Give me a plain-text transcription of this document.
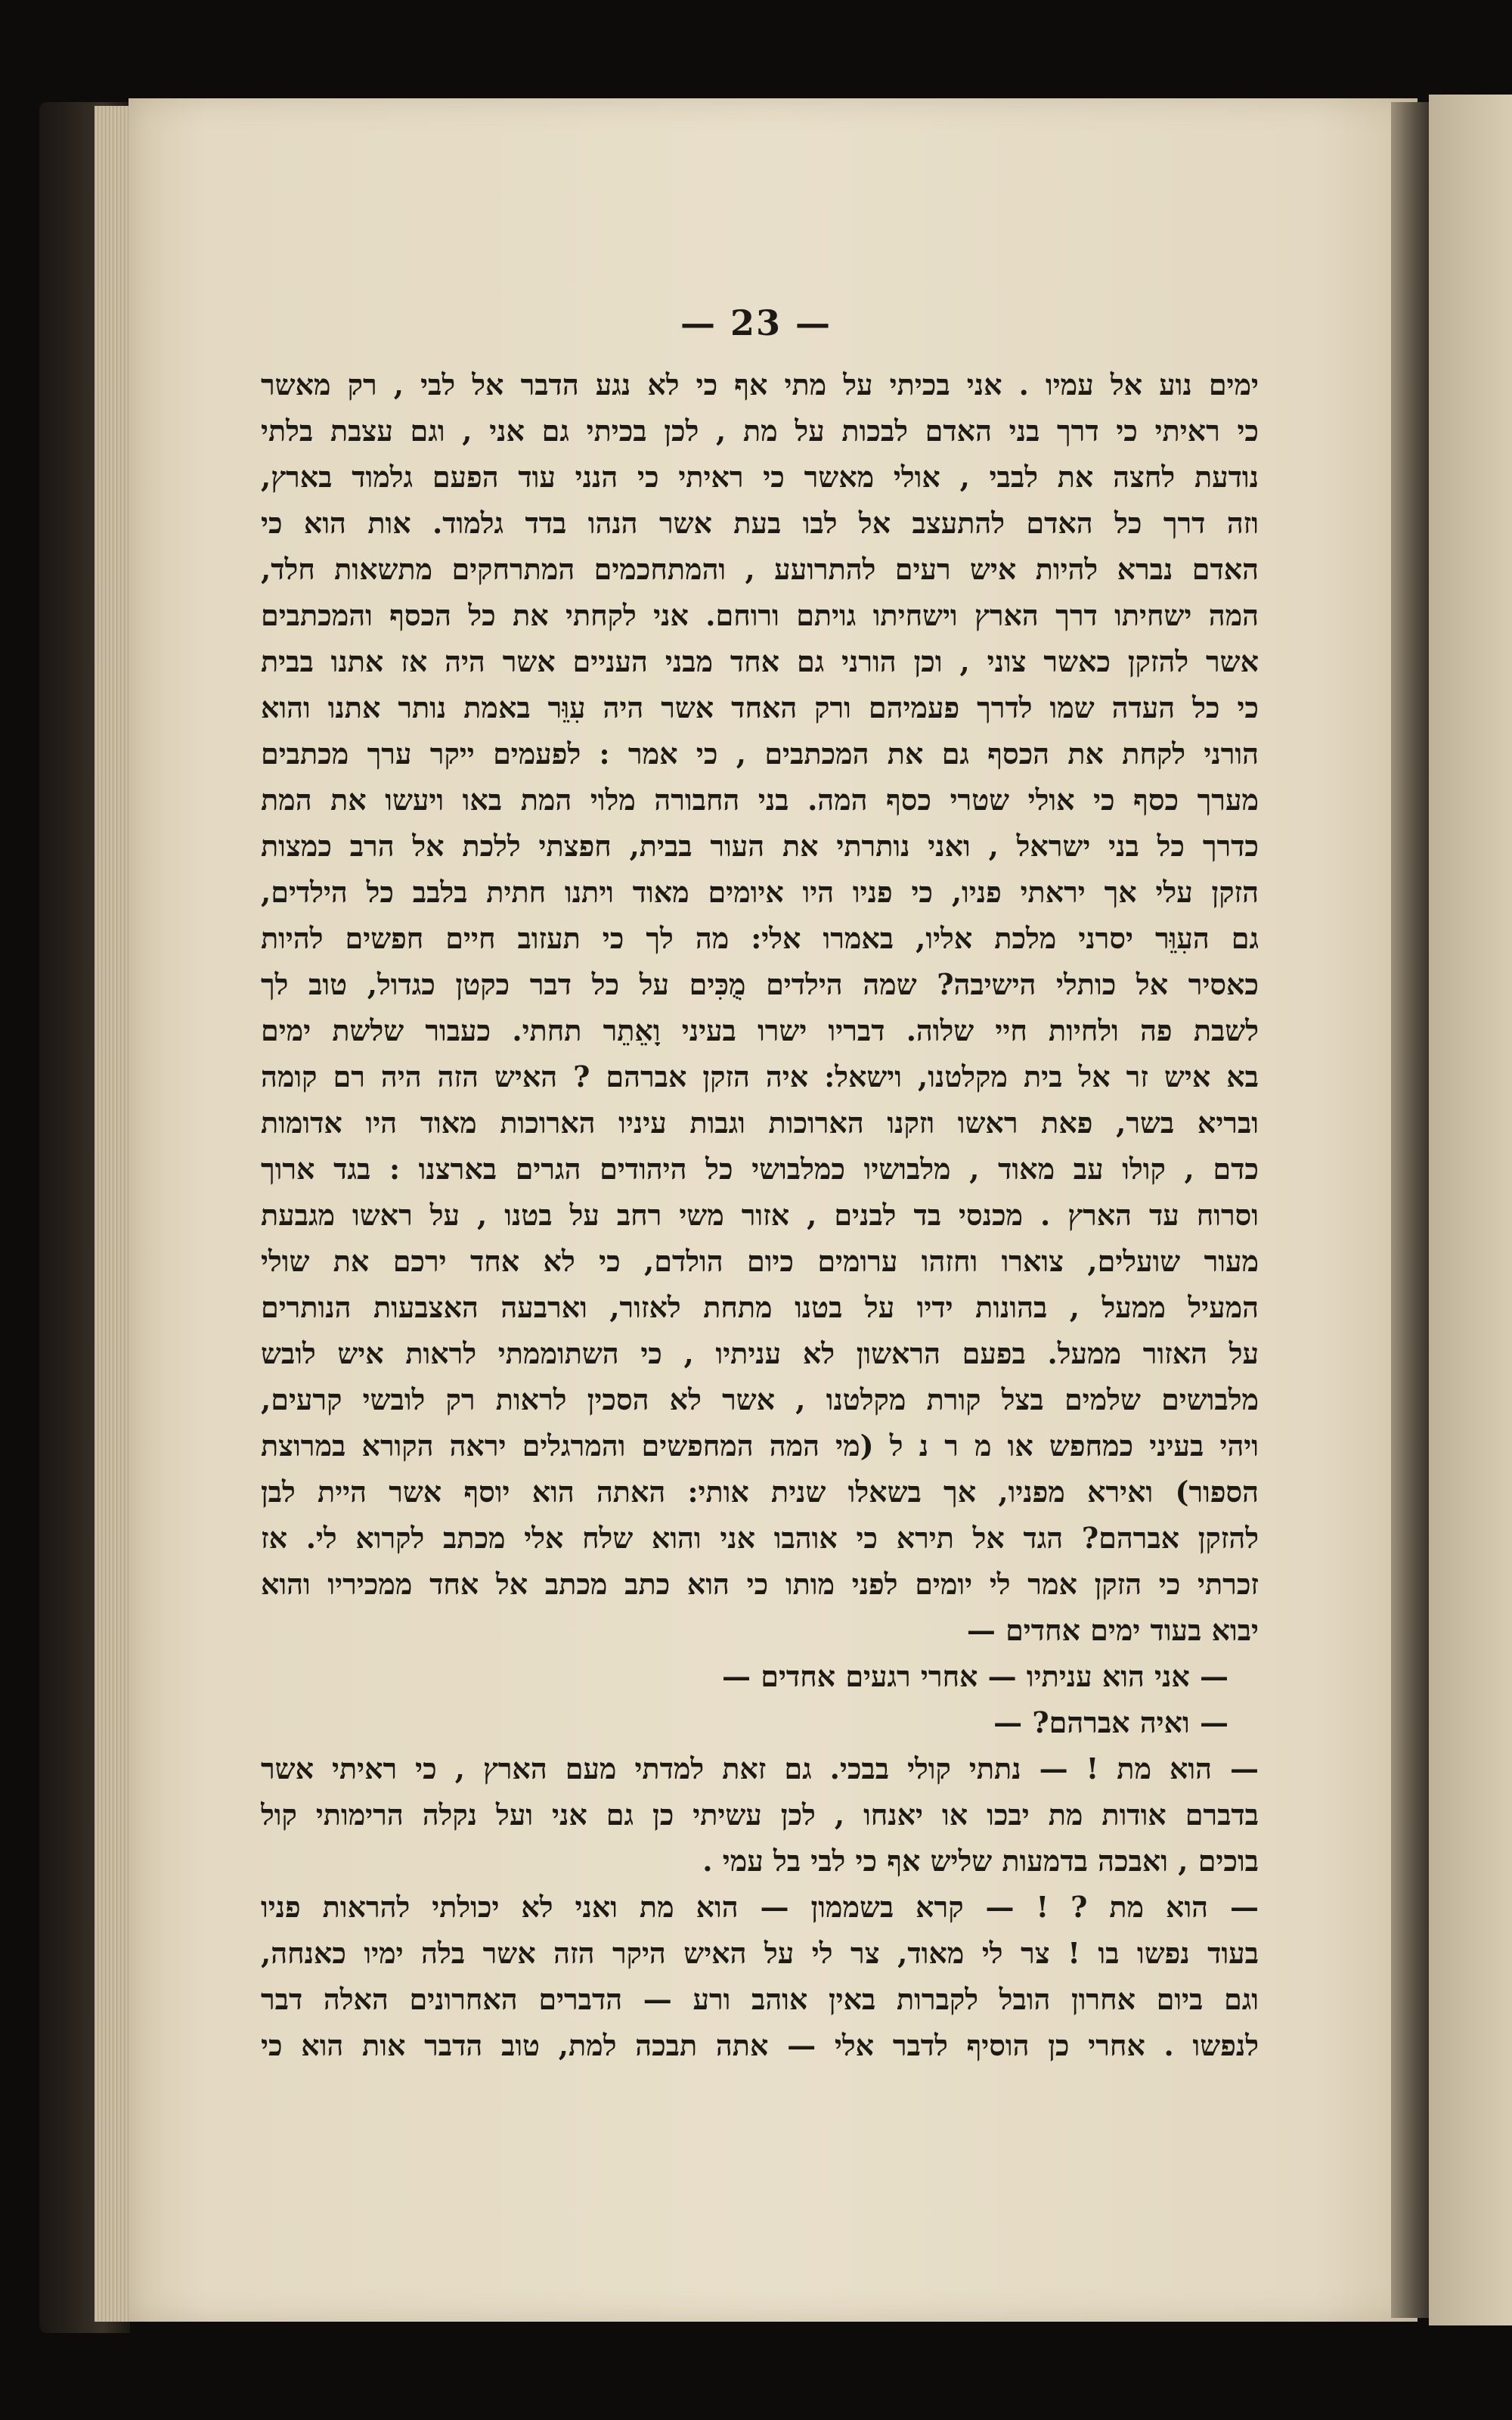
— 23 —
ימים נוע אל עמיו . אני בכיתי על מתי אף כי לא נגע הדבר אל לבי , רק מאשר
כי ראיתי כי דרך בני האדם לבכות על מת , לכן בכיתי גם אני , וגם עצבת בלתי
נודעת לחצה את לבבי , אולי מאשר כי ראיתי כי הנני עוד הפעם גלמוד בארץ,
וזה דרך כל האדם להתעצב אל לבו בעת אשר הנהו בדד גלמוד. אות הוא כי
האדם נברא להיות איש רעים להתרועע , והמתחכמים המתרחקים מתשאות חלד,
המה ישחיתו דרך הארץ וישחיתו גויתם ורוחם. אני לקחתי את כל הכסף והמכתבים
אשר להזקן כאשר צוני , וכן הורני גם אחד מבני העניים אשר היה אז אתנו בבית
כי כל העדה שמו לדרך פעמיהם ורק האחד אשר היה עִוֵּר באמת נותר אתנו והוא
הורני לקחת את הכסף גם את המכתבים , כי אמר : לפעמים ייקר ערך מכתבים
מערך כסף כי אולי שטרי כסף המה. בני החבורה מלוי המת באו ויעשו את המת
כדרך כל בני ישראל , ואני נותרתי את העור בבית, חפצתי ללכת אל הרב כמצות
הזקן עלי אך יראתי פניו, כי פניו היו איומים מאוד ויתנו חתית בלבב כל הילדים,
גם העִוֵּר יסרני מלכת אליו, באמרו אלי: מה לך כי תעזוב חיים חפשים להיות
כאסיר אל כותלי הישיבה? שמה הילדים מֻכִּים על כל דבר כקטן כגדול, טוב לך
לשבת פה ולחיות חיי שלוה. דבריו ישרו בעיני וָאֵתֵר תחתי. כעבור שלשת ימים
בא איש זר אל בית מקלטנו, וישאל: איה הזקן אברהם ? האיש הזה היה רם קומה
ובריא בשר, פאת ראשו וזקנו הארוכות וגבות עיניו הארוכות מאוד היו אדומות
כדם , קולו עב מאוד , מלבושיו כמלבושי כל היהודים הגרים בארצנו : בגד ארוך
וסרוח עד הארץ . מכנסי בד לבנים , אזור משי רחב על בטנו , על ראשו מגבעת
מעור שועלים, צוארו וחזהו ערומים כיום הולדם, כי לא אחד ירכם את שולי
המעיל ממעל , בהונות ידיו על בטנו מתחת לאזור, וארבעה האצבעות הנותרים
על האזור ממעל. בפעם הראשון לא עניתיו , כי השתוממתי לראות איש לובש
מלבושים שלמים בצל קורת מקלטנו , אשר לא הסכין לראות רק לובשי קרעים,
ויהי בעיני כמחפש או מ ר נ ל (מי המה המחפשים והמרגלים יראה הקורא במרוצת
הספור) ואירא מפניו, אך בשאלו שנית אותי: האתה הוא יוסף אשר היית לבן
להזקן אברהם? הגד אל תירא כי אוהבו אני והוא שלח אלי מכתב לקרוא לי. אז
זכרתי כי הזקן אמר לי יומים לפני מותו כי הוא כתב מכתב אל אחד ממכיריו והוא
יבוא בעוד ימים אחדים —
— אני הוא עניתיו — אחרי רגעים אחדים —
— ואיה אברהם? —
— הוא מת ! — נתתי קולי בבכי. גם זאת למדתי מעם הארץ , כי ראיתי אשר
בדברם אודות מת יבכו או יאנחו , לכן עשיתי כן גם אני ועל נקלה הרימותי קול
בוכים , ואבכה בדמעות שליש אף כי לבי בל עמי .
— הוא מת ? ! — קרא בשממון — הוא מת ואני לא יכולתי להראות פניו
בעוד נפשו בו ! צר לי מאוד, צר לי על האיש היקר הזה אשר בלה ימיו כאנחה,
וגם ביום אחרון הובל לקברות באין אוהב ורע — הדברים האחרונים האלה דבר
לנפשו . אחרי כן הוסיף לדבר אלי — אתה תבכה למת, טוב הדבר אות הוא כי
